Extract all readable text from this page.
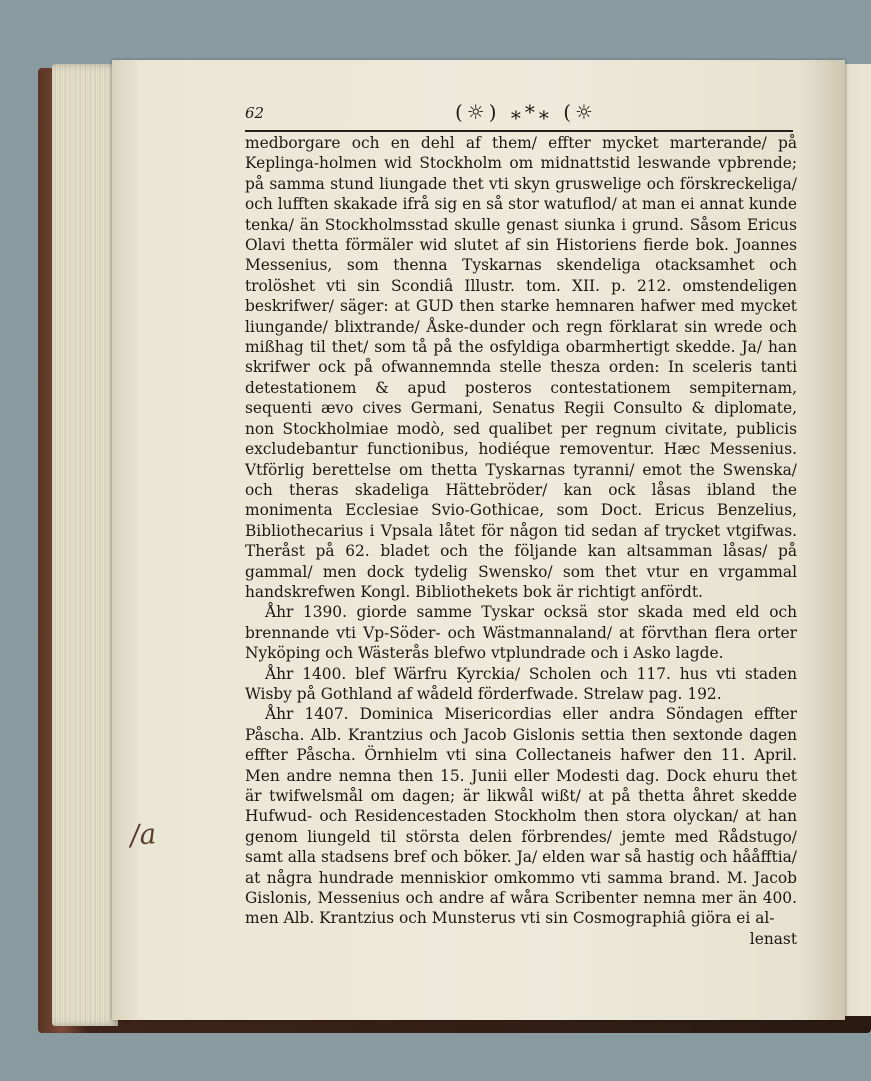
62	(☼) ⁎*⁎ (☼

medborgare och en dehl af them/ effter mycket marterande/ på Keplinga-holmen wid Stockholm om midnattstid leswande vpbrende; på samma stund liungade thet vti skyn gruswelige och förskreckeliga/ och lufften skakade ifrå sig en så stor watuflod/ at man ei annat kunde tenka/ än Stockholmsstad skulle genast siunka i grund. Såsom Ericus Olavi thetta förmäler wid slutet af sin Historiens fierde bok. Joannes Messenius, som thenna Tyskarnas skendeliga otacksamhet och trolöshet vti sin Scondiâ Illustr. tom. XII. p. 212. omstendeligen beskrifwer/ säger: at GUD then starke hemnaren hafwer med mycket liungande/ blixtrande/ Åske-dunder och regn förklarat sin wrede och mißhag til thet/ som tå på the osfyldiga obarmhertigt skedde. Ja/ han skrifwer ock på ofwannemnda stelle thesza orden: In sceleris tanti detestationem & apud posteros contestationem sempiternam, sequenti ævo cives Germani, Senatus Regii Consulto & diplomate, non Stockholmiae modò, sed qualibet per regnum civitate, publicis excludebantur functionibus, hodiéque removentur. Hæc Messenius. Vtförlig berettelse om thetta Tyskarnas tyranni/ emot the Swenska/ och theras skadeliga Hättebröder/ kan ock låsas ibland the monimenta Ecclesiae Svio-Gothicae, som Doct. Ericus Benzelius, Bibliothecarius i Vpsala låtet för någon tid sedan af trycket vtgifwas. Theråst på 62. bladet och the följande kan altsamman låsas/ på gammal/ men dock tydelig Swensko/ som thet vtur en vrgammal handskrefwen Kongl. Bibliothekets bok är richtigt anfördt.

Åhr 1390. giorde samme Tyskar ocksä stor skada med eld och brennande vti Vp-Söder- och Wästmannaland/ at förvthan flera orter Nyköping och Wästerås blefwo vtplundrade och i Asko lagde.

Åhr 1400. blef Wärfru Kyrckia/ Scholen och 117. hus vti staden Wisby på Gothland af wådeld förderfwade. Strelaw pag. 192.

Åhr 1407. Dominica Misericordias eller andra Söndagen effter Påscha. Alb. Krantzius och Jacob Gislonis settia then sextonde dagen effter Påscha. Örnhielm vti sina Collectaneis hafwer den 11. April. Men andre nemna then 15. Junii eller Modesti dag. Dock ehuru thet är twifwelsmål om dagen; är likwål wißt/ at på thetta åhret skedde Hufwud- och Residencestaden Stockholm then stora olyckan/ at han genom liungeld til största delen förbrendes/ jemte med Rådstugo/ samt alla stadsens bref och böker. Ja/ elden war så hastig och hååfftia/ at några hundrade menniskior omkommo vti samma brand. M. Jacob Gislonis, Messenius och andre af wåra Scribenter nemna mer än 400. men Alb. Krantzius och Munsterus vti sin Cosmographiâ giöra ei al-

lenast

/a
